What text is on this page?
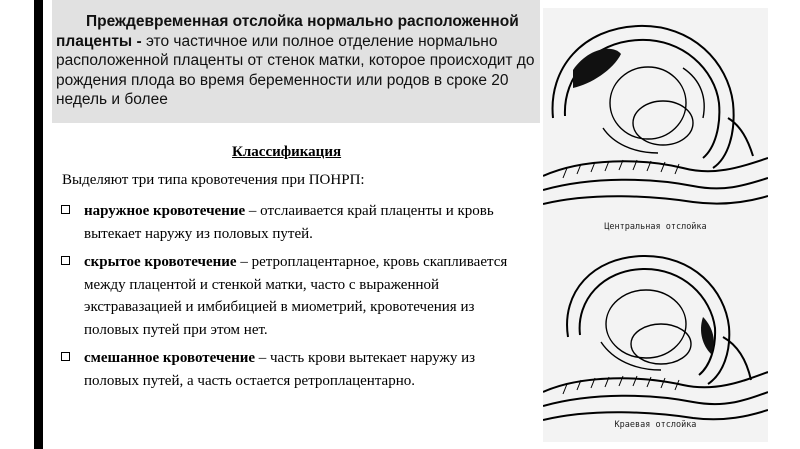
Преждевременная отслойка нормально расположенной плаценты - это частичное или полное отделение нормально расположенной плаценты от стенок матки, которое происходит до рождения плода во время беременности или родов в сроке 20 недель и более
Классификация
Выделяют три типа кровотечения при ПОНРП:
наружное кровотечение – отслаивается край плаценты и кровь вытекает наружу из половых путей.
скрытое кровотечение – ретроплацентарное, кровь скапливается между плацентой и стенкой матки, часто с выраженной экстравазацией и имбибицией в миометрий, кровотечения из половых путей при этом нет.
смешанное кровотечение – часть крови вытекает наружу из половых путей, а часть остается ретроплацентарно.
Центральная отслойка
Краевая отслойка
